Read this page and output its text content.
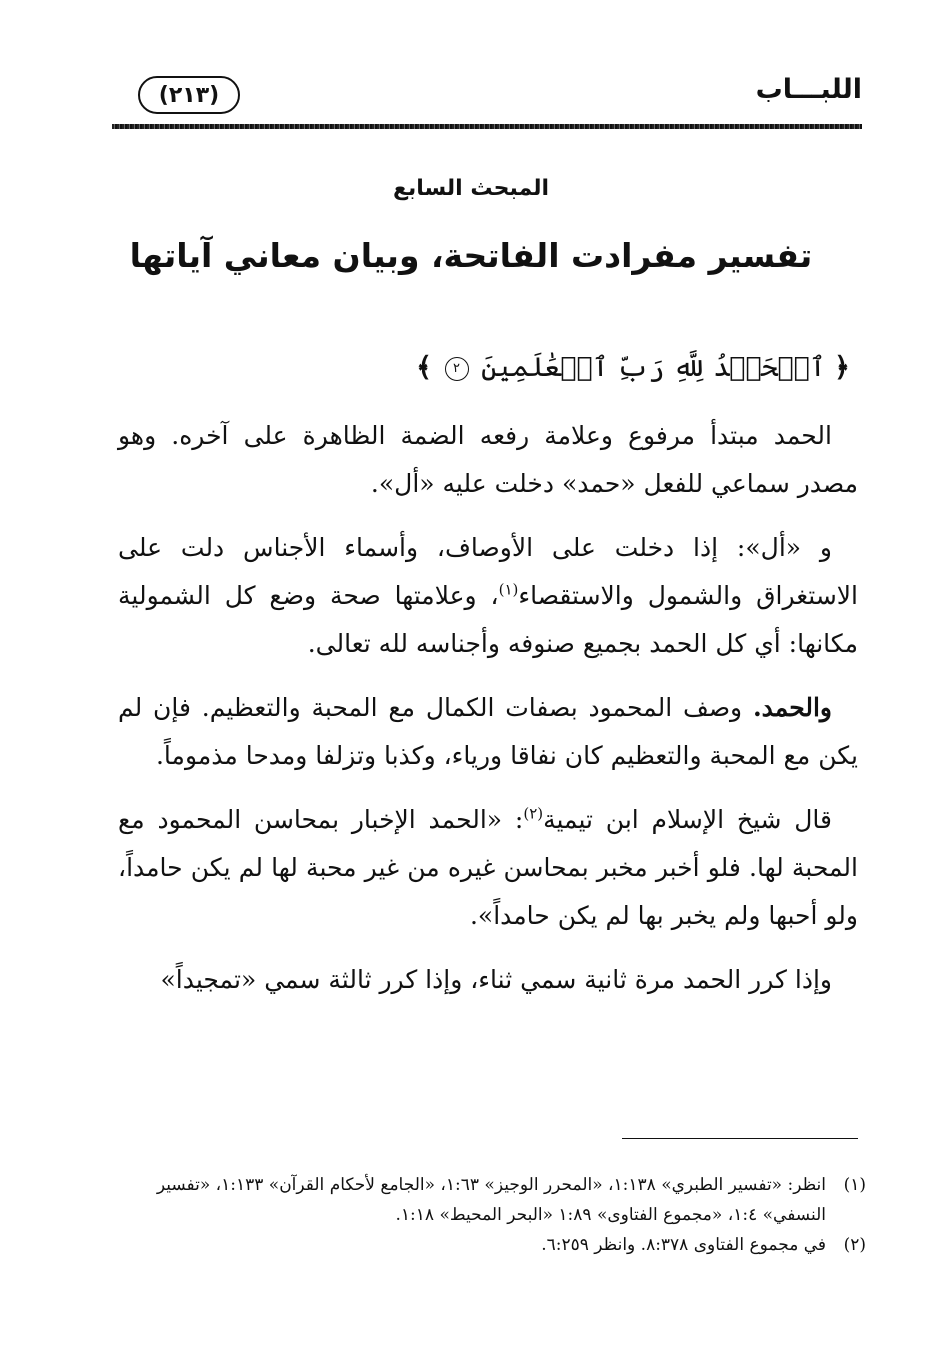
اللبـــاب
(٢١٣)
المبحث السابع
تفسير مفرادت الفاتحة، وبيان معاني آياتها
﴿ ٱلۡحَمۡدُ لِلَّهِ رَبِّ ٱلۡعَٰلَمِينَ ٢ ﴾

الحمد مبتدأ مرفوع وعلامة رفعه الضمة الظاهرة على آخره. وهو مصدر سماعي للفعل «حمد» دخلت عليه «أل».

و «أل»: إذا دخلت على الأوصاف، وأسماء الأجناس دلت على الاستغراق والشمول والاستقصاء$^{(١)}$، وعلامتها صحة وضع كل الشمولية مكانها: أي كل الحمد بجميع صنوفه وأجناسه لله تعالى.

والحمد. وصف المحمود بصفات الكمال مع المحبة والتعظيم. فإن لم يكن مع المحبة والتعظيم كان نفاقا ورياء، وكذبا وتزلفا ومدحا مذموماً.

قال شيخ الإسلام ابن تيمية$^{(٢)}$: «الحمد الإخبار بمحاسن المحمود مع المحبة لها. فلو أخبر مخبر بمحاسن غيره من غير محبة لها لم يكن حامداً، ولو أحبها ولم يخبر بها لم يكن حامداً».

وإذا كرر الحمد مرة ثانية سمي ثناء، وإذا كرر ثالثة سمي «تمجيداً»

(١)
انظر: «تفسير الطبري» ١:١٣٨، «المحرر الوجيز» ١:٦٣، «الجامع لأحكام القرآن» ١:١٣٣، «تفسير النسفي» ١:٤، «مجموع الفتاوى» ١:٨٩ «البحر المحيط» ١:١٨.
(٢)
في مجموع الفتاوى ٨:٣٧٨. وانظر ٦:٢٥٩.
